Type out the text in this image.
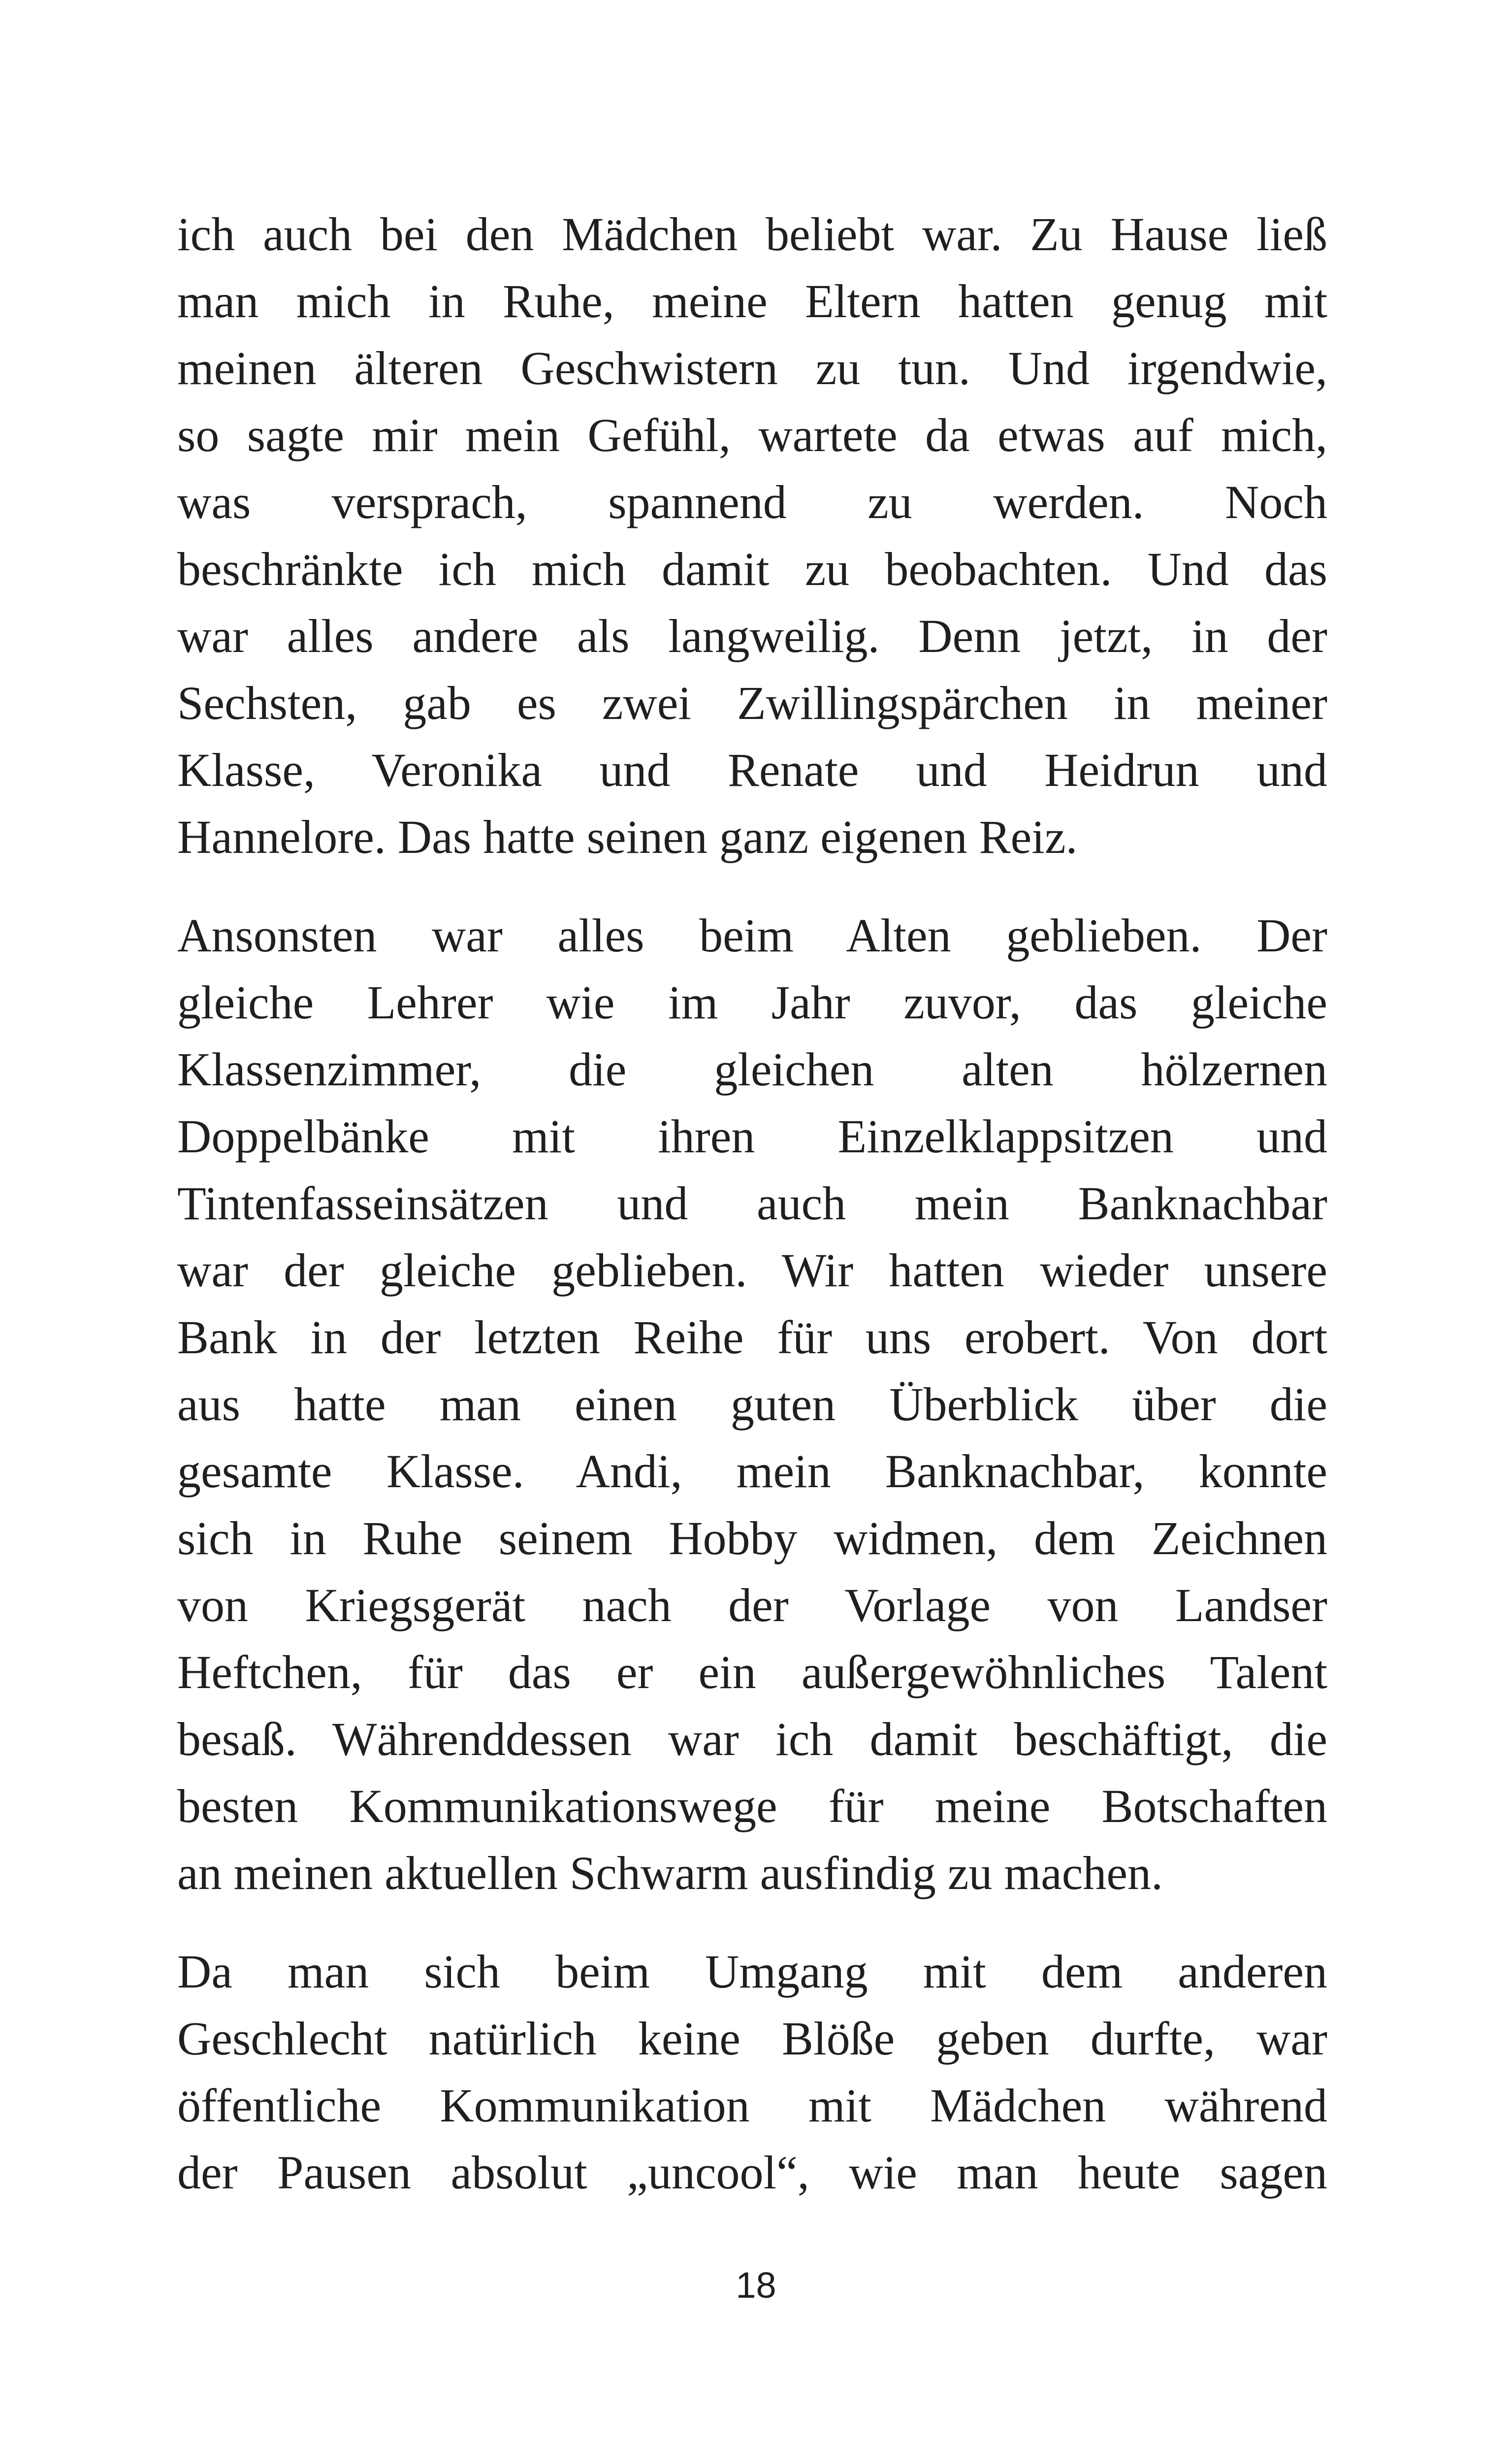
ich auch bei den Mädchen beliebt war. Zu Hause ließ
man mich in Ruhe, meine Eltern hatten genug mit
meinen älteren Geschwistern zu tun. Und irgendwie,
so sagte mir mein Gefühl, wartete da etwas auf mich,
was versprach, spannend zu werden. Noch
beschränkte ich mich damit zu beobachten. Und das
war alles andere als langweilig. Denn jetzt, in der
Sechsten, gab es zwei Zwillingspärchen in meiner
Klasse, Veronika und Renate und Heidrun und
Hannelore. Das hatte seinen ganz eigenen Reiz.
Ansonsten war alles beim Alten geblieben. Der
gleiche Lehrer wie im Jahr zuvor, das gleiche
Klassenzimmer, die gleichen alten hölzernen
Doppelbänke mit ihren Einzelklappsitzen und
Tintenfasseinsätzen und auch mein Banknachbar
war der gleiche geblieben. Wir hatten wieder unsere
Bank in der letzten Reihe für uns erobert. Von dort
aus hatte man einen guten Überblick über die
gesamte Klasse. Andi, mein Banknachbar, konnte
sich in Ruhe seinem Hobby widmen, dem Zeichnen
von Kriegsgerät nach der Vorlage von Landser
Heftchen, für das er ein außergewöhnliches Talent
besaß. Währenddessen war ich damit beschäftigt, die
besten Kommunikationswege für meine Botschaften
an meinen aktuellen Schwarm ausfindig zu machen.
Da man sich beim Umgang mit dem anderen
Geschlecht natürlich keine Blöße geben durfte, war
öffentliche Kommunikation mit Mädchen während
der Pausen absolut „uncool“, wie man heute sagen
18
